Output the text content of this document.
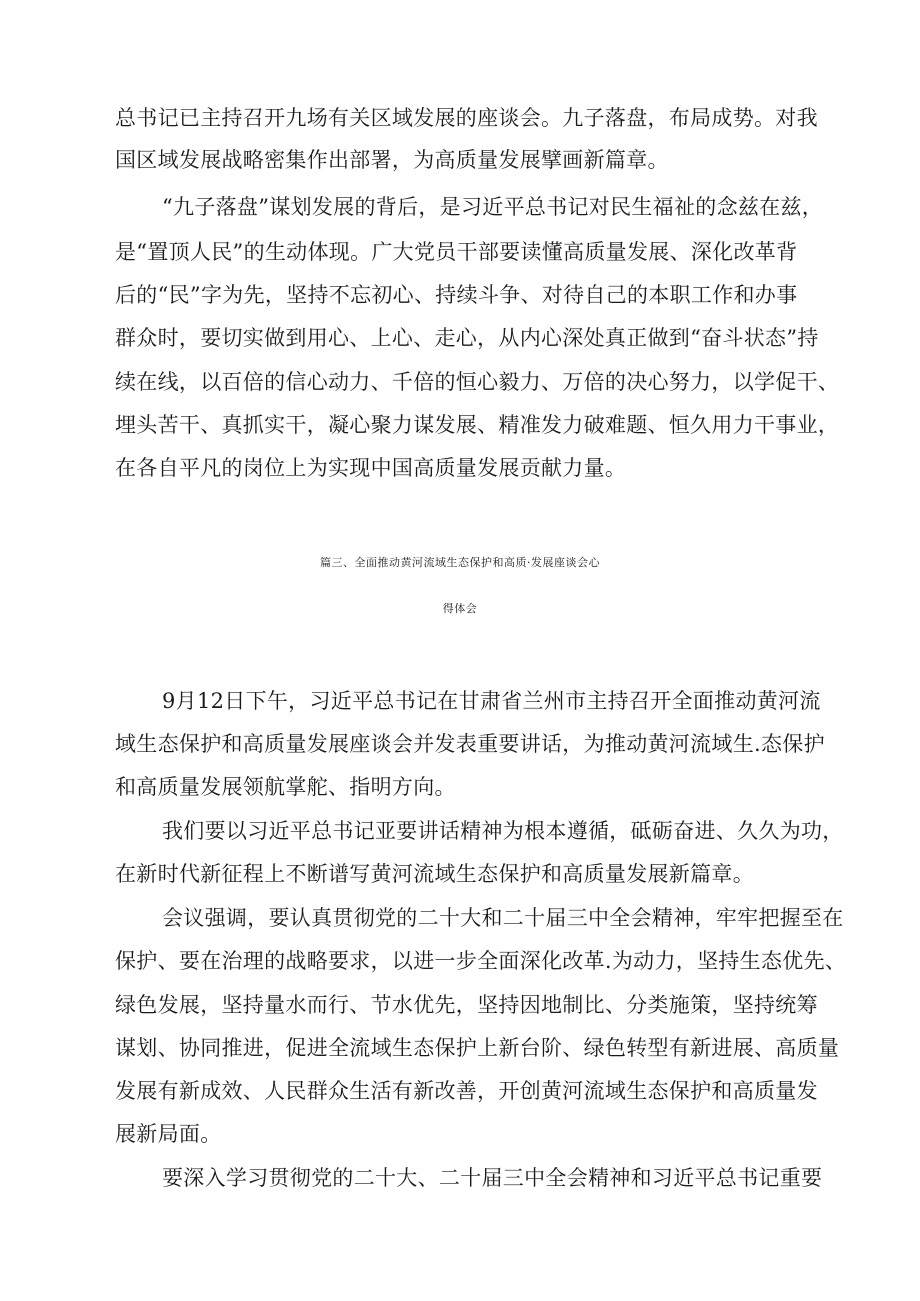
总书记已主持召开九场有关区域发展的座谈会。九子落盘，布局成势。对我
国区域发展战略密集作出部署，为高质量发展擘画新篇章。
“九子落盘”谋划发展的背后，是习近平总书记对民生福祉的念兹在兹，
是“置顶人民”的生动体现。广大党员干部要读懂高质量发展、深化改革背
后的“民”字为先，坚持不忘初心、持续斗争、对待自己的本职工作和办事
群众时，要切实做到用心、上心、走心，从内心深处真正做到“奋斗状态”持
续在线，以百倍的信心动力、千倍的恒心毅力、万倍的决心努力，以学促干、
埋头苦干、真抓实干，凝心聚力谋发展、精准发力破难题、恒久用力干事业，
在各自平凡的岗位上为实现中国高质量发展贡献力量。
篇三、全面推动黄河流域生态保护和高质·发展座谈会心
得体会
9月12日下午，习近平总书记在甘肃省兰州市主持召开全面推动黄河流
域生态保护和高质量发展座谈会并发表重要讲话，为推动黄河流域生.态保护
和高质量发展领航掌舵、指明方向。
我们要以习近平总书记亚要讲话精神为根本遵循，砥砺奋进、久久为功，
在新时代新征程上不断谱写黄河流域生态保护和高质量发展新篇章。
会议强调，要认真贯彻党的二十大和二十届三中全会精神，牢牢把握至在
保护、要在治理的战略要求，以进一步全面深化改革.为动力，坚持生态优先、
绿色发展，坚持量水而行、节水优先，坚持因地制比、分类施策，坚持统筹
谋划、协同推进，促进全流域生态保护上新台阶、绿色转型有新进展、高质量
发展有新成效、人民群众生活有新改善，开创黄河流域生态保护和高质量发
展新局面。
要深入学习贯彻党的二十大、二十届三中全会精神和习近平总书记重要
